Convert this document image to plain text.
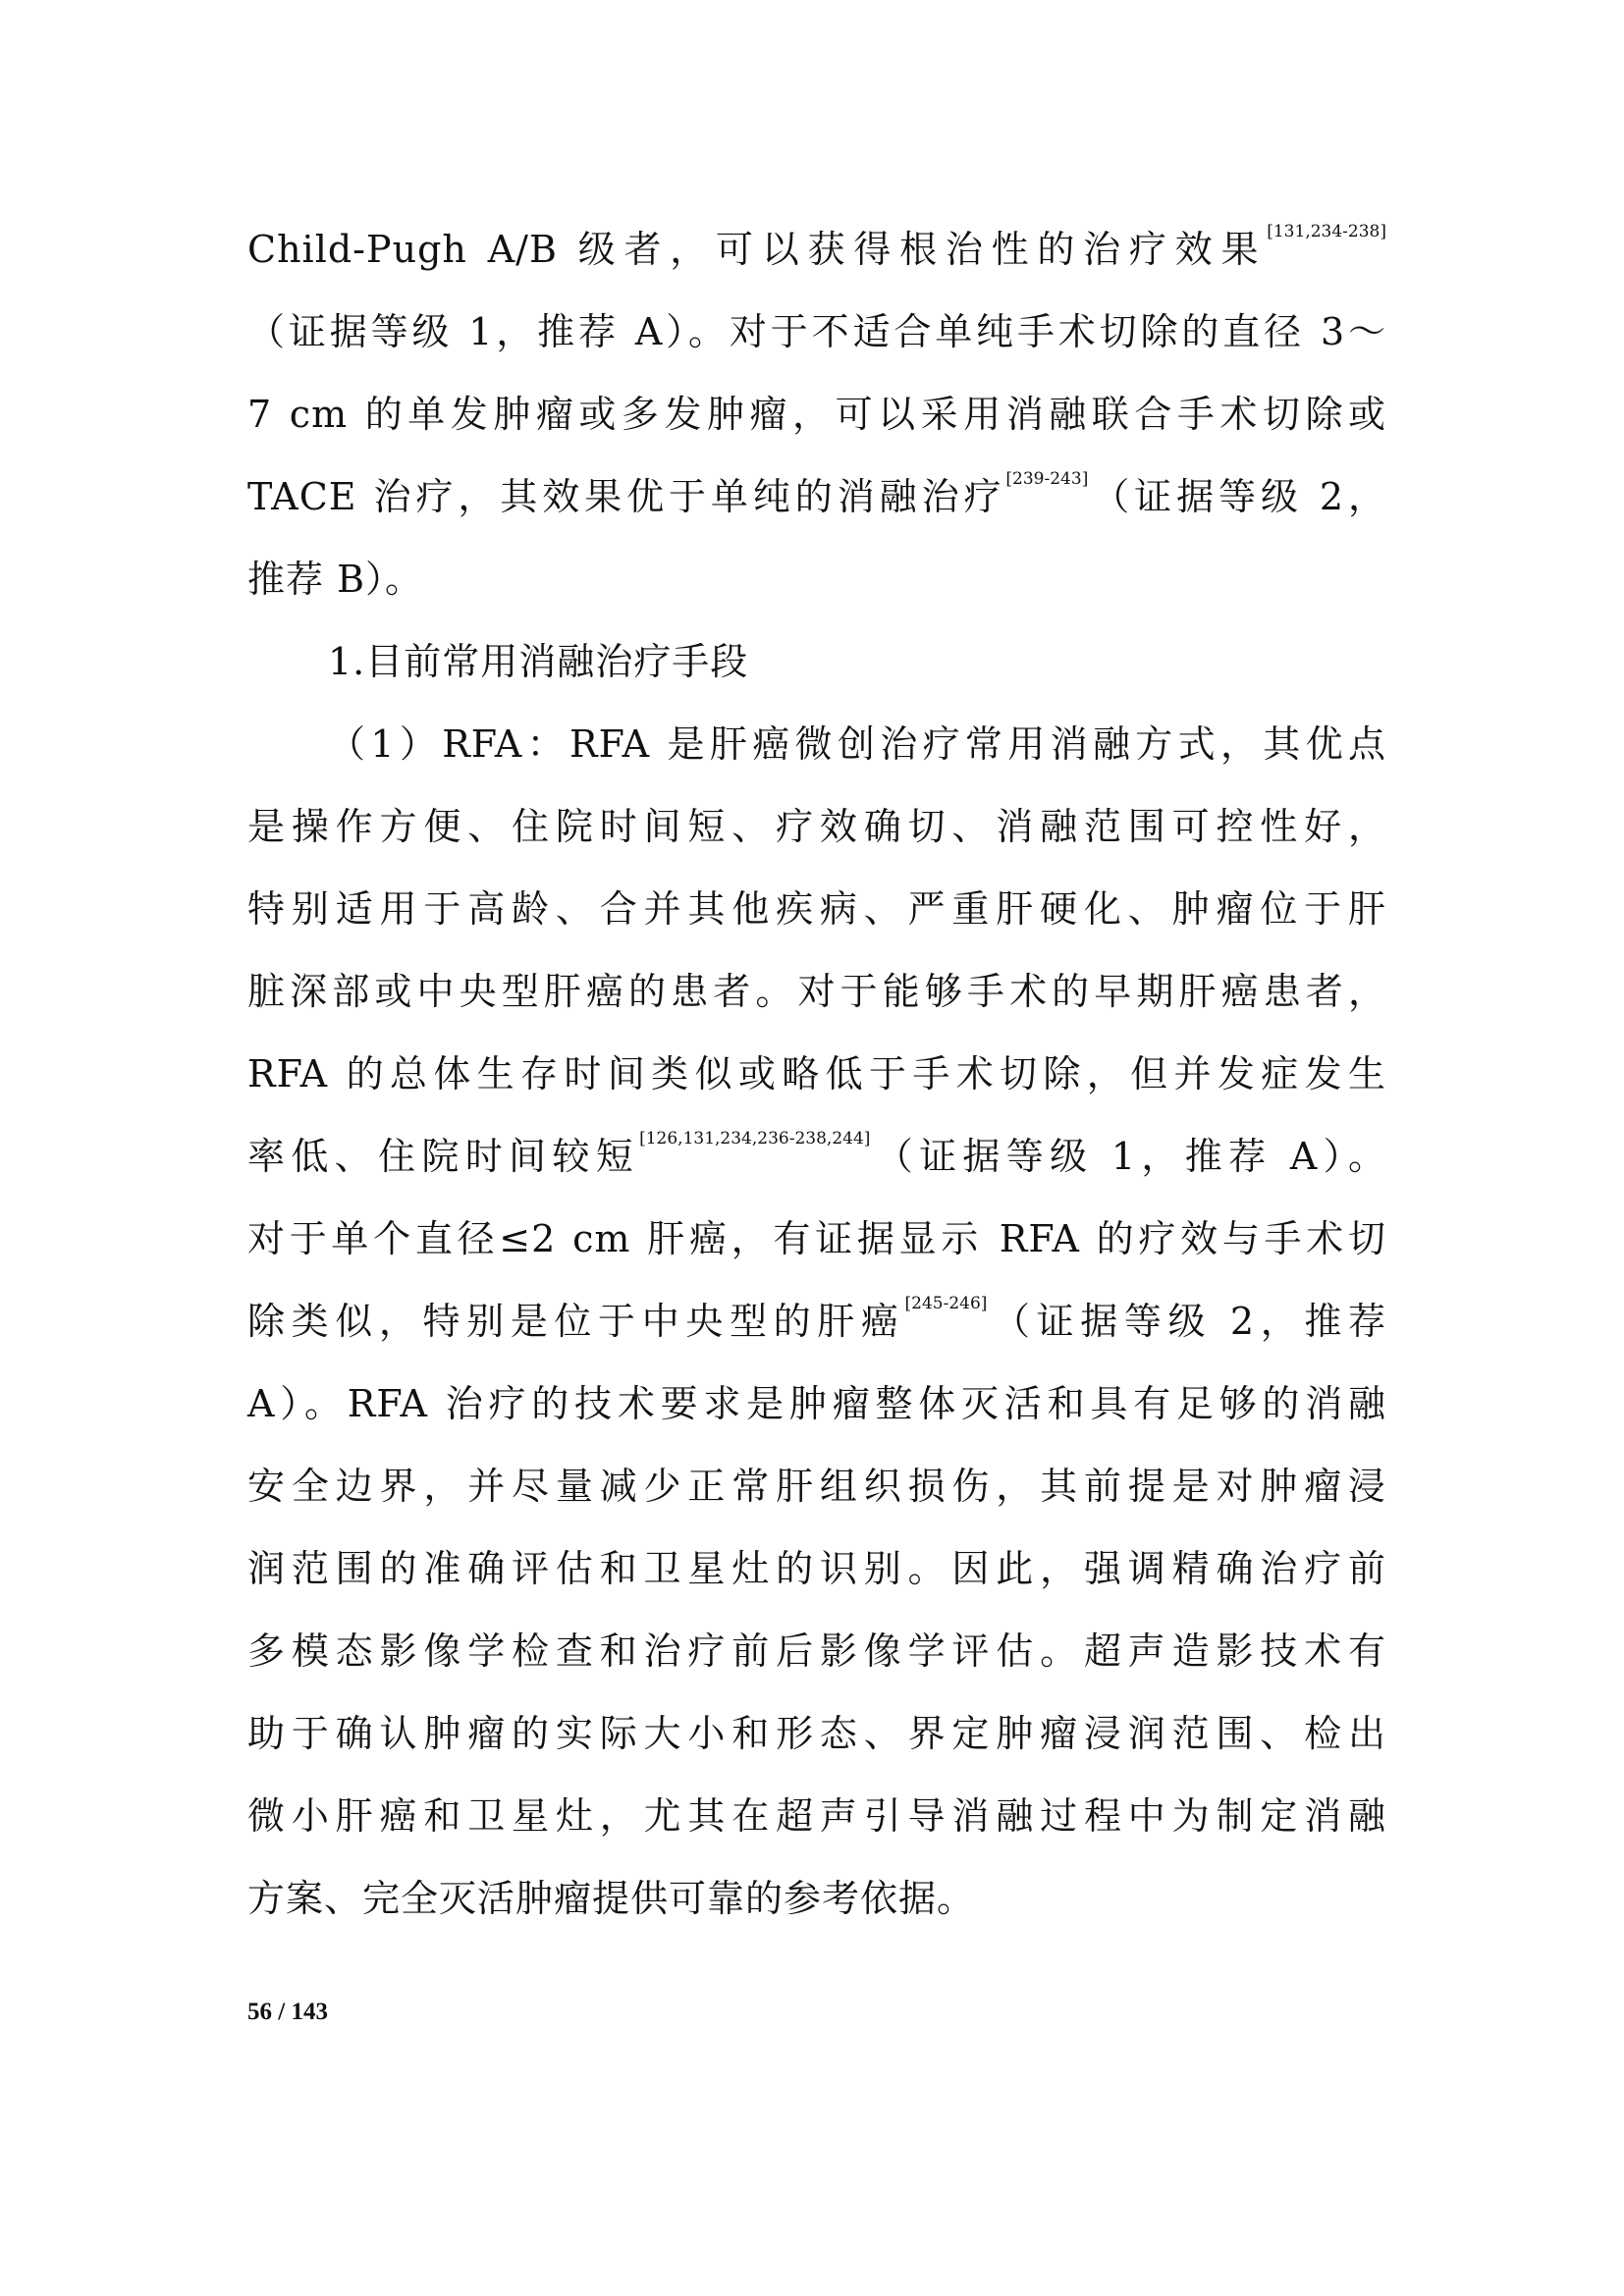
Child-Pugh A/B 级者，可以获得根治性的治疗效果[131,234-238]
（证据等级 1，推荐 A）。对于不适合单纯手术切除的直径 3～
7 cm 的单发肿瘤或多发肿瘤，可以采用消融联合手术切除或
TACE 治疗，其效果优于单纯的消融治疗[239-243]（证据等级 2，
推荐 B）。
1.目前常用消融治疗手段
（1）RFA：RFA 是肝癌微创治疗常用消融方式，其优点
是操作方便、住院时间短、疗效确切、消融范围可控性好，
特别适用于高龄、合并其他疾病、严重肝硬化、肿瘤位于肝
脏深部或中央型肝癌的患者。对于能够手术的早期肝癌患者，
RFA 的总体生存时间类似或略低于手术切除，但并发症发生
率低、住院时间较短[126,131,234,236-238,244]（证据等级 1，推荐 A）。
对于单个直径≤2 cm 肝癌，有证据显示 RFA 的疗效与手术切
除类似，特别是位于中央型的肝癌[245-246]（证据等级 2，推荐
A）。RFA 治疗的技术要求是肿瘤整体灭活和具有足够的消融
安全边界，并尽量减少正常肝组织损伤，其前提是对肿瘤浸
润范围的准确评估和卫星灶的识别。因此，强调精确治疗前
多模态影像学检查和治疗前后影像学评估。超声造影技术有
助于确认肿瘤的实际大小和形态、界定肿瘤浸润范围、检出
微小肝癌和卫星灶，尤其在超声引导消融过程中为制定消融
方案、完全灭活肿瘤提供可靠的参考依据。
56 / 143
